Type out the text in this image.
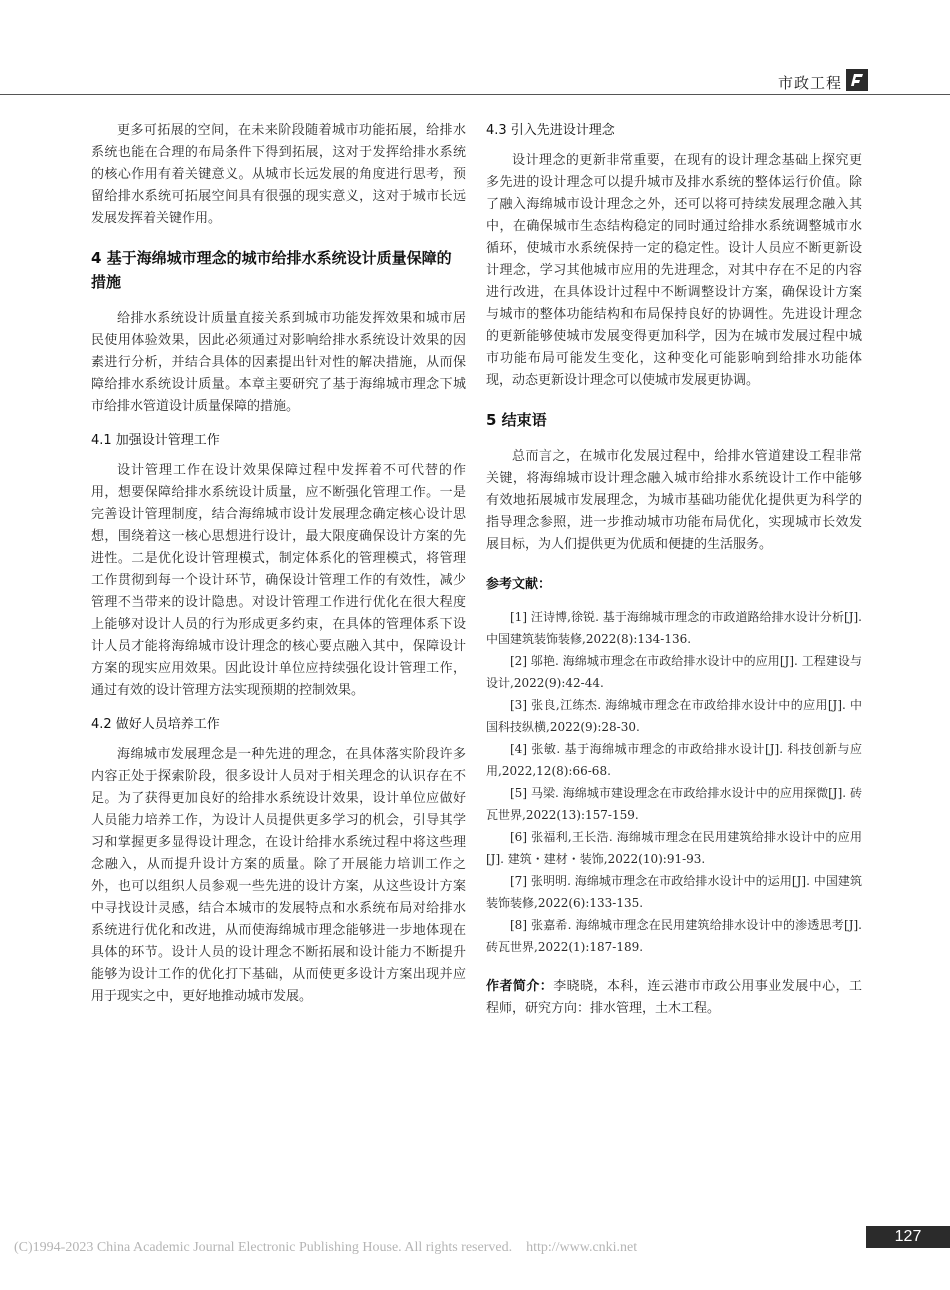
市政工程

更多可拓展的空间，在未来阶段随着城市功能拓展，给排水系统也能在合理的布局条件下得到拓展，这对于发挥给排水系统的核心作用有着关键意义。从城市长远发展的角度进行思考，预留给排水系统可拓展空间具有很强的现实意义，这对于城市长远发展发挥着关键作用。

4 基于海绵城市理念的城市给排水系统设计质量保障的措施

给排水系统设计质量直接关系到城市功能发挥效果和城市居民使用体验效果，因此必须通过对影响给排水系统设计效果的因素进行分析，并结合具体的因素提出针对性的解决措施，从而保障给排水系统设计质量。本章主要研究了基于海绵城市理念下城市给排水管道设计质量保障的措施。

4.1 加强设计管理工作

设计管理工作在设计效果保障过程中发挥着不可代替的作用，想要保障给排水系统设计质量，应不断强化管理工作。一是完善设计管理制度，结合海绵城市设计发展理念确定核心设计思想，围绕着这一核心思想进行设计，最大限度确保设计方案的先进性。二是优化设计管理模式，制定体系化的管理模式，将管理工作贯彻到每一个设计环节，确保设计管理工作的有效性，减少管理不当带来的设计隐患。对设计管理工作进行优化在很大程度上能够对设计人员的行为形成更多约束，在具体的管理体系下设计人员才能将海绵城市设计理念的核心要点融入其中，保障设计方案的现实应用效果。因此设计单位应持续强化设计管理工作，通过有效的设计管理方法实现预期的控制效果。

4.2 做好人员培养工作

海绵城市发展理念是一种先进的理念，在具体落实阶段许多内容正处于探索阶段，很多设计人员对于相关理念的认识存在不足。为了获得更加良好的给排水系统设计效果，设计单位应做好人员能力培养工作，为设计人员提供更多学习的机会，引导其学习和掌握更多显得设计理念，在设计给排水系统过程中将这些理念融入，从而提升设计方案的质量。除了开展能力培训工作之外，也可以组织人员参观一些先进的设计方案，从这些设计方案中寻找设计灵感，结合本城市的发展特点和水系统布局对给排水系统进行优化和改进，从而使海绵城市理念能够进一步地体现在具体的环节。设计人员的设计理念不断拓展和设计能力不断提升能够为设计工作的优化打下基础，从而使更多设计方案出现并应用于现实之中，更好地推动城市发展。

4.3 引入先进设计理念

设计理念的更新非常重要，在现有的设计理念基础上探究更多先进的设计理念可以提升城市及排水系统的整体运行价值。除了融入海绵城市设计理念之外，还可以将可持续发展理念融入其中，在确保城市生态结构稳定的同时通过给排水系统调整城市水循环，使城市水系统保持一定的稳定性。设计人员应不断更新设计理念，学习其他城市应用的先进理念，对其中存在不足的内容进行改进，在具体设计过程中不断调整设计方案，确保设计方案与城市的整体功能结构和布局保持良好的协调性。先进设计理念的更新能够使城市发展变得更加科学，因为在城市发展过程中城市功能布局可能发生变化，这种变化可能影响到给排水功能体现，动态更新设计理念可以使城市发展更协调。

5 结束语

总而言之，在城市化发展过程中，给排水管道建设工程非常关键，将海绵城市设计理念融入城市给排水系统设计工作中能够有效地拓展城市发展理念，为城市基础功能优化提供更为科学的指导理念参照，进一步推动城市功能布局优化，实现城市长效发展目标，为人们提供更为优质和便捷的生活服务。

参考文献：

[1] 汪诗博,徐锐. 基于海绵城市理念的市政道路给排水设计分析[J]. 中国建筑装饰装修,2022(8):134-136.

[2] 邬艳. 海绵城市理念在市政给排水设计中的应用[J]. 工程建设与设计,2022(9):42-44.

[3] 张良,江练杰. 海绵城市理念在市政给排水设计中的应用[J]. 中国科技纵横,2022(9):28-30.

[4] 张敏. 基于海绵城市理念的市政给排水设计[J]. 科技创新与应用,2022,12(8):66-68.

[5] 马梁. 海绵城市建设理念在市政给排水设计中的应用探微[J]. 砖瓦世界,2022(13):157-159.

[6] 张福利,王长浩. 海绵城市理念在民用建筑给排水设计中的应用[J]. 建筑・建材・装饰,2022(10):91-93.

[7] 张明明. 海绵城市理念在市政给排水设计中的运用[J]. 中国建筑装饰装修,2022(6):133-135.

[8] 张嘉希. 海绵城市理念在民用建筑给排水设计中的渗透思考[J]. 砖瓦世界,2022(1):187-189.

作者简介：李晓晓，本科，连云港市市政公用事业发展中心，工程师，研究方向：排水管理，土木工程。

127
(C)1994-2023 China Academic Journal Electronic Publishing House. All rights reserved. http://www.cnki.net
